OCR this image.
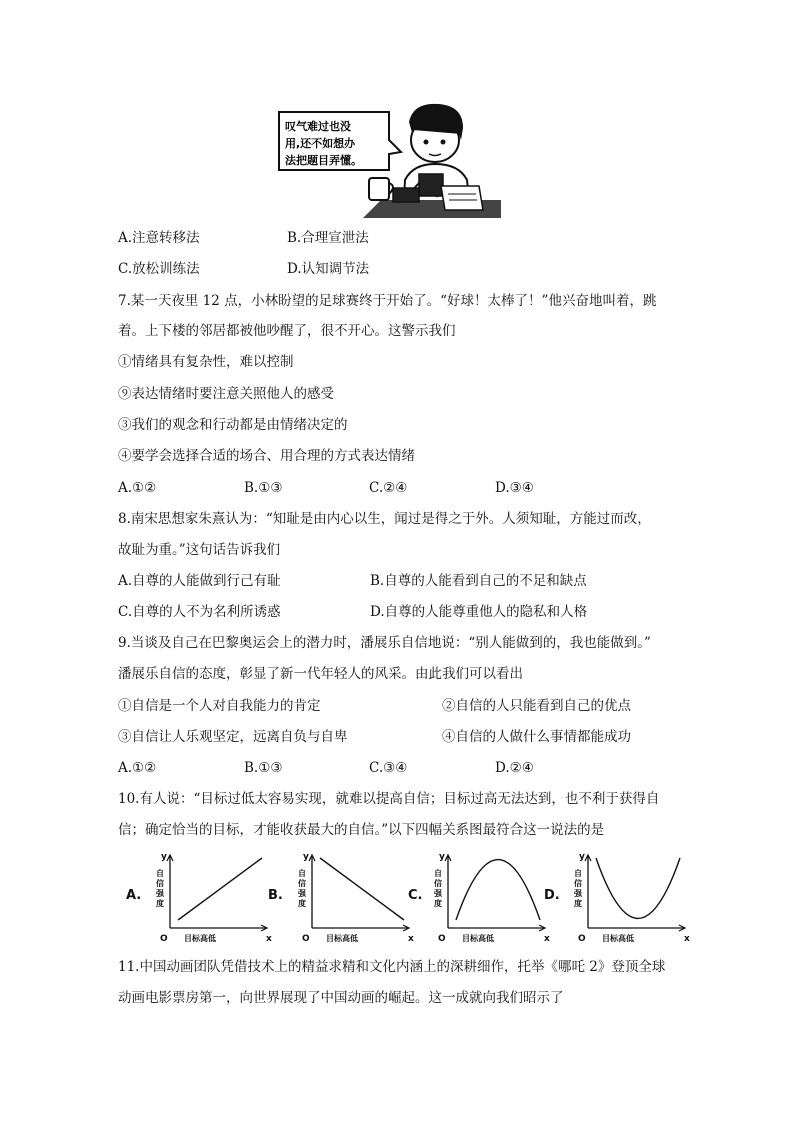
叹气难过也没
用,还不如想办
法把题目弄懂。
A.注意转移法	B.合理宣泄法
C.放松训练法	D.认知调节法
7.某一天夜里 12 点，小林盼望的足球赛终于开始了。“好球！太棒了！”他兴奋地叫着，跳
着。上下楼的邻居都被他吵醒了，很不开心。这警示我们
①情绪具有复杂性，难以控制
⑨表达情绪时要注意关照他人的感受
③我们的观念和行动都是由情绪决定的
④要学会选择合适的场合、用合理的方式表达情绪
A.①②	B.①③	C.②④	D.③④
8.南宋思想家朱熹认为：“知耻是由内心以生，闻过是得之于外。人须知耻，方能过而改，
故耻为重。”这句话告诉我们
A.自尊的人能做到行己有耻	B.自尊的人能看到自己的不足和缺点
C.自尊的人不为名利所诱惑	D.自尊的人能尊重他人的隐私和人格
9.当谈及自己在巴黎奥运会上的潜力时，潘展乐自信地说：“别人能做到的，我也能做到。”
潘展乐自信的态度，彰显了新一代年轻人的风采。由此我们可以看出
①自信是一个人对自我能力的肯定	②自信的人只能看到自己的优点
③自信让人乐观坚定，远离自负与自卑	④自信的人做什么事情都能成功
A.①②	B.①③	C.③④	D.②④
10.有人说：“目标过低太容易实现，就难以提高自信；目标过高无法达到，也不利于获得自
信；确定恰当的目标，才能收获最大的自信。”以下四幅关系图最符合这一说法的是
A.	B.	C.	D.
y
x
O 目标高低
自
信
强
度
y
x
O 目标高低
自
信
强
度
y
x
O 目标高低
自
信
强
度
y
x
O 目标高低
自
信
强
度
11.中国动画团队凭借技术上的精益求精和文化内涵上的深耕细作，托举《哪吒 2》登顶全球
动画电影票房第一，向世界展现了中国动画的崛起。这一成就向我们昭示了
